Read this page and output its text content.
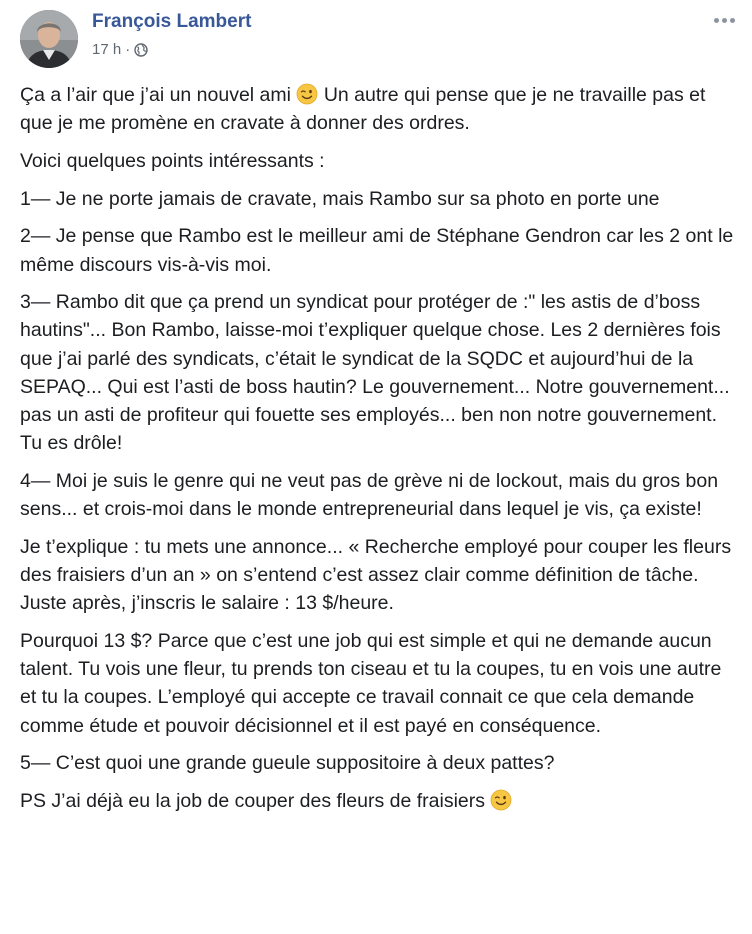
François Lambert
17 h ·

Ça a l’air que j’ai un nouvel ami  Un autre qui pense que je ne travaille pas et que je me promène en cravate à donner des ordres.

Voici quelques points intéressants :

1— Je ne porte jamais de cravate, mais Rambo sur sa photo en porte une

2— Je pense que Rambo est le meilleur ami de Stéphane Gendron car les 2 ont le même discours vis-à-vis moi.

3— Rambo dit que ça prend un syndicat pour protéger de :" les astis de d’boss hautins"... Bon Rambo, laisse-moi t’expliquer quelque chose. Les 2 dernières fois que j’ai parlé des syndicats, c’était le syndicat de la SQDC et aujourd’hui de la SEPAQ... Qui est l’asti de boss hautin? Le gouvernement... Notre gouvernement... pas un asti de profiteur qui fouette ses employés... ben non notre gouvernement. Tu es drôle!

4— Moi je suis le genre qui ne veut pas de grève ni de lockout, mais du gros bon sens... et crois-moi dans le monde entrepreneurial dans lequel je vis, ça existe!

Je t’explique : tu mets une annonce... « Recherche employé pour couper les fleurs des fraisiers d’un an » on s’entend c’est assez clair comme définition de tâche. Juste après, j’inscris le salaire : 13 $/heure.

Pourquoi 13 $? Parce que c’est une job qui est simple et qui ne demande aucun talent. Tu vois une fleur, tu prends ton ciseau et tu la coupes, tu en vois une autre et tu la coupes. L’employé qui accepte ce travail connait ce que cela demande comme étude et pouvoir décisionnel et il est payé en conséquence.

5— C’est quoi une grande gueule suppositoire à deux pattes?

PS J’ai déjà eu la job de couper des fleurs de fraisiers
